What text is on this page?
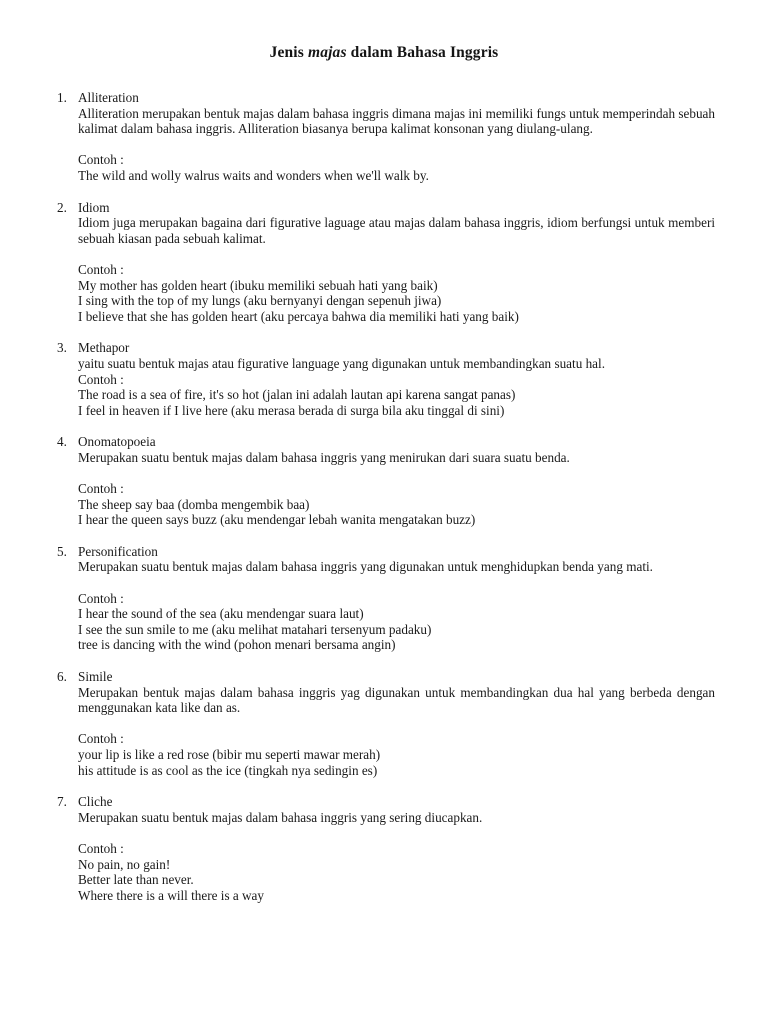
Jenis majas dalam Bahasa Inggris
1. Alliteration
Alliteration merupakan bentuk majas dalam bahasa inggris dimana majas ini memiliki fungs untuk memperindah sebuah kalimat dalam bahasa inggris. Alliteration biasanya berupa kalimat konsonan yang diulang-ulang.
Contoh :
The wild and wolly walrus waits and wonders when we'll walk by.
2. Idiom
Idiom juga merupakan bagaina dari figurative laguage atau majas dalam bahasa inggris, idiom berfungsi untuk memberi sebuah kiasan pada sebuah kalimat.
Contoh :
My mother has golden heart (ibuku memiliki sebuah hati yang baik)
I sing with the top of my lungs (aku bernyanyi dengan sepenuh jiwa)
I believe that she has golden heart (aku percaya bahwa dia memiliki hati yang baik)
3. Methapor
yaitu suatu bentuk majas atau figurative language yang digunakan untuk membandingkan suatu hal.
Contoh :
The road is a sea of fire, it's so hot (jalan ini adalah lautan api karena sangat panas)
I feel in heaven if I live here (aku merasa berada di surga bila aku tinggal di sini)
4. Onomatopoeia
Merupakan suatu bentuk majas dalam bahasa inggris yang menirukan dari suara suatu benda.
Contoh :
The sheep say baa (domba mengembik baa)
I hear the queen says buzz (aku mendengar lebah wanita mengatakan buzz)
5. Personification
Merupakan suatu bentuk majas dalam bahasa inggris yang digunakan untuk menghidupkan benda yang mati.
Contoh :
I hear the sound of the sea (aku mendengar suara laut)
I see the sun smile to me (aku melihat matahari tersenyum padaku)
tree is dancing with the wind (pohon menari bersama angin)
6. Simile
Merupakan bentuk majas dalam bahasa inggris yag digunakan untuk membandingkan dua hal yang berbeda dengan menggunakan kata like dan as.
Contoh :
your lip is like a red rose (bibir mu seperti mawar merah)
his attitude is as cool as the ice (tingkah nya sedingin es)
7. Cliche
Merupakan suatu bentuk majas dalam bahasa inggris yang sering diucapkan.
Contoh :
No pain, no gain!
Better late than never.
Where there is a will there is a way
